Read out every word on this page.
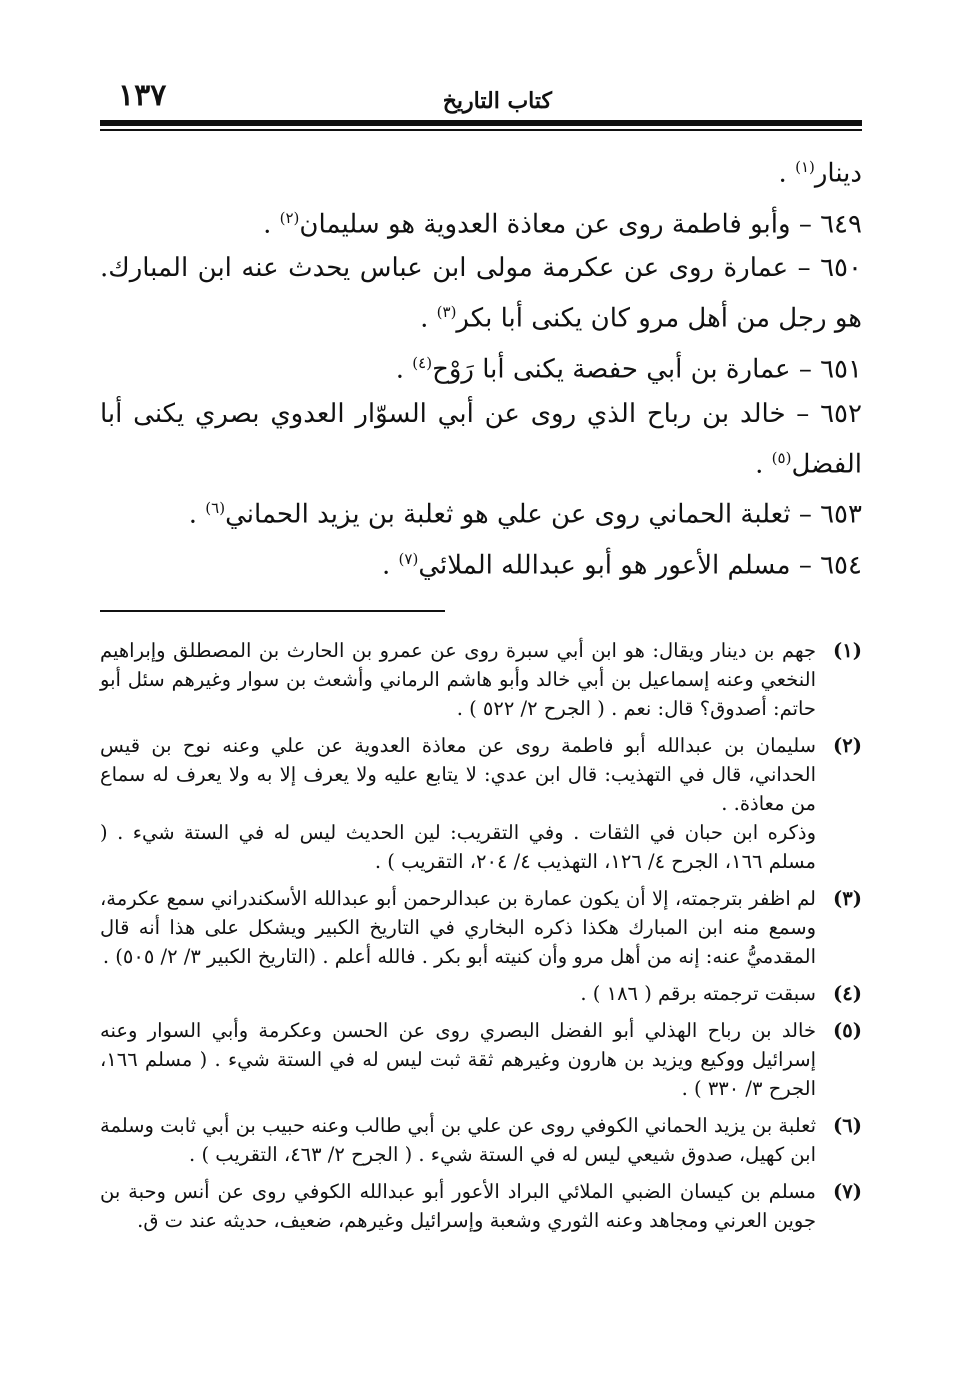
كتاب التاريخ
١٣٧
دينار$^{(١)}$ .
٦٤٩ – وأبو فاطمة روى عن معاذة العدوية هو سليمان$^{(٢)}$ .
٦٥٠ – عمارة روى عن عكرمة مولى ابن عباس يحدث عنه ابن المبارك. هو رجل من أهل مرو كان يكنى أبا بكر$^{(٣)}$ .
٦٥١ – عمارة بن أبي حفصة يكنى أبا رَوْح$^{(٤)}$ .
٦٥٢ – خالد بن رباح الذي روى عن أبي السوّار العدوي بصري يكنى أبا الفضل$^{(٥)}$ .
٦٥٣ – ثعلبة الحماني روى عن علي هو ثعلبة بن يزيد الحماني$^{(٦)}$ .
٦٥٤ – مسلم الأعور هو أبو عبدالله الملائي$^{(٧)}$ .
(١)

جهم بن دينار ويقال: هو ابن أبي سبرة روى عن عمرو بن الحارث بن المصطلق وإبراهيم النخعي وعنه إسماعيل بن أبي خالد وأبو هاشم الرماني وأشعث بن سوار وغيرهم سئل أبو حاتم: أصدوق؟ قال: نعم . ( الجرح ٢/ ٥٢٢ ) .

(٢)

سليمان بن عبدالله أبو فاطمة روى عن معاذة العدوية عن علي وعنه نوح بن قيس الحداني، قال في التهذيب: قال ابن عدي: لا يتابع عليه ولا يعرف إلا به ولا يعرف له سماع من معاذة. .

وذكره ابن حبان في الثقات . وفي التقريب: لين الحديث ليس له في الستة شيء . ( مسلم ١٦٦، الجرح ٤/ ١٢٦، التهذيب ٤/ ٢٠٤، التقريب ) .

(٣)

لم اظفر بترجمته، إلا أن يكون عمارة بن عبدالرحمن أبو عبدالله الأسكندراني سمع عكرمة، وسمع منه ابن المبارك هكذا ذكره البخاري في التاريخ الكبير ويشكل على هذا أنه قال المقدميُّ عنه: إنه من أهل مرو وأن كنيته أبو بكر . فالله أعلم . (التاريخ الكبير ٣/ ٢/ ٥٠٥) .

(٤)

سبقت ترجمته برقم ( ١٨٦ ) .

(٥)

خالد بن رباح الهذلي أبو الفضل البصري روى عن الحسن وعكرمة وأبي السوار وعنه إسرائيل ووكيع ويزيد بن هارون وغيرهم ثقة ثبت ليس له في الستة شيء . ( مسلم ١٦٦، الجرح ٣/ ٣٣٠ ) .

(٦)

ثعلبة بن يزيد الحماني الكوفي روى عن علي بن أبي طالب وعنه حبيب بن أبي ثابت وسلمة ابن كهيل، صدوق شيعي ليس له في الستة شيء . ( الجرح ٢/ ٤٦٣، التقريب ) .

(٧)

مسلم بن كيسان الضبي الملائي البراد الأعور أبو عبدالله الكوفي روى عن أنس وحبة بن جوين العرني ومجاهد وعنه الثوري وشعبة وإسرائيل وغيرهم، ضعيف، حديثه عند ت ق.
